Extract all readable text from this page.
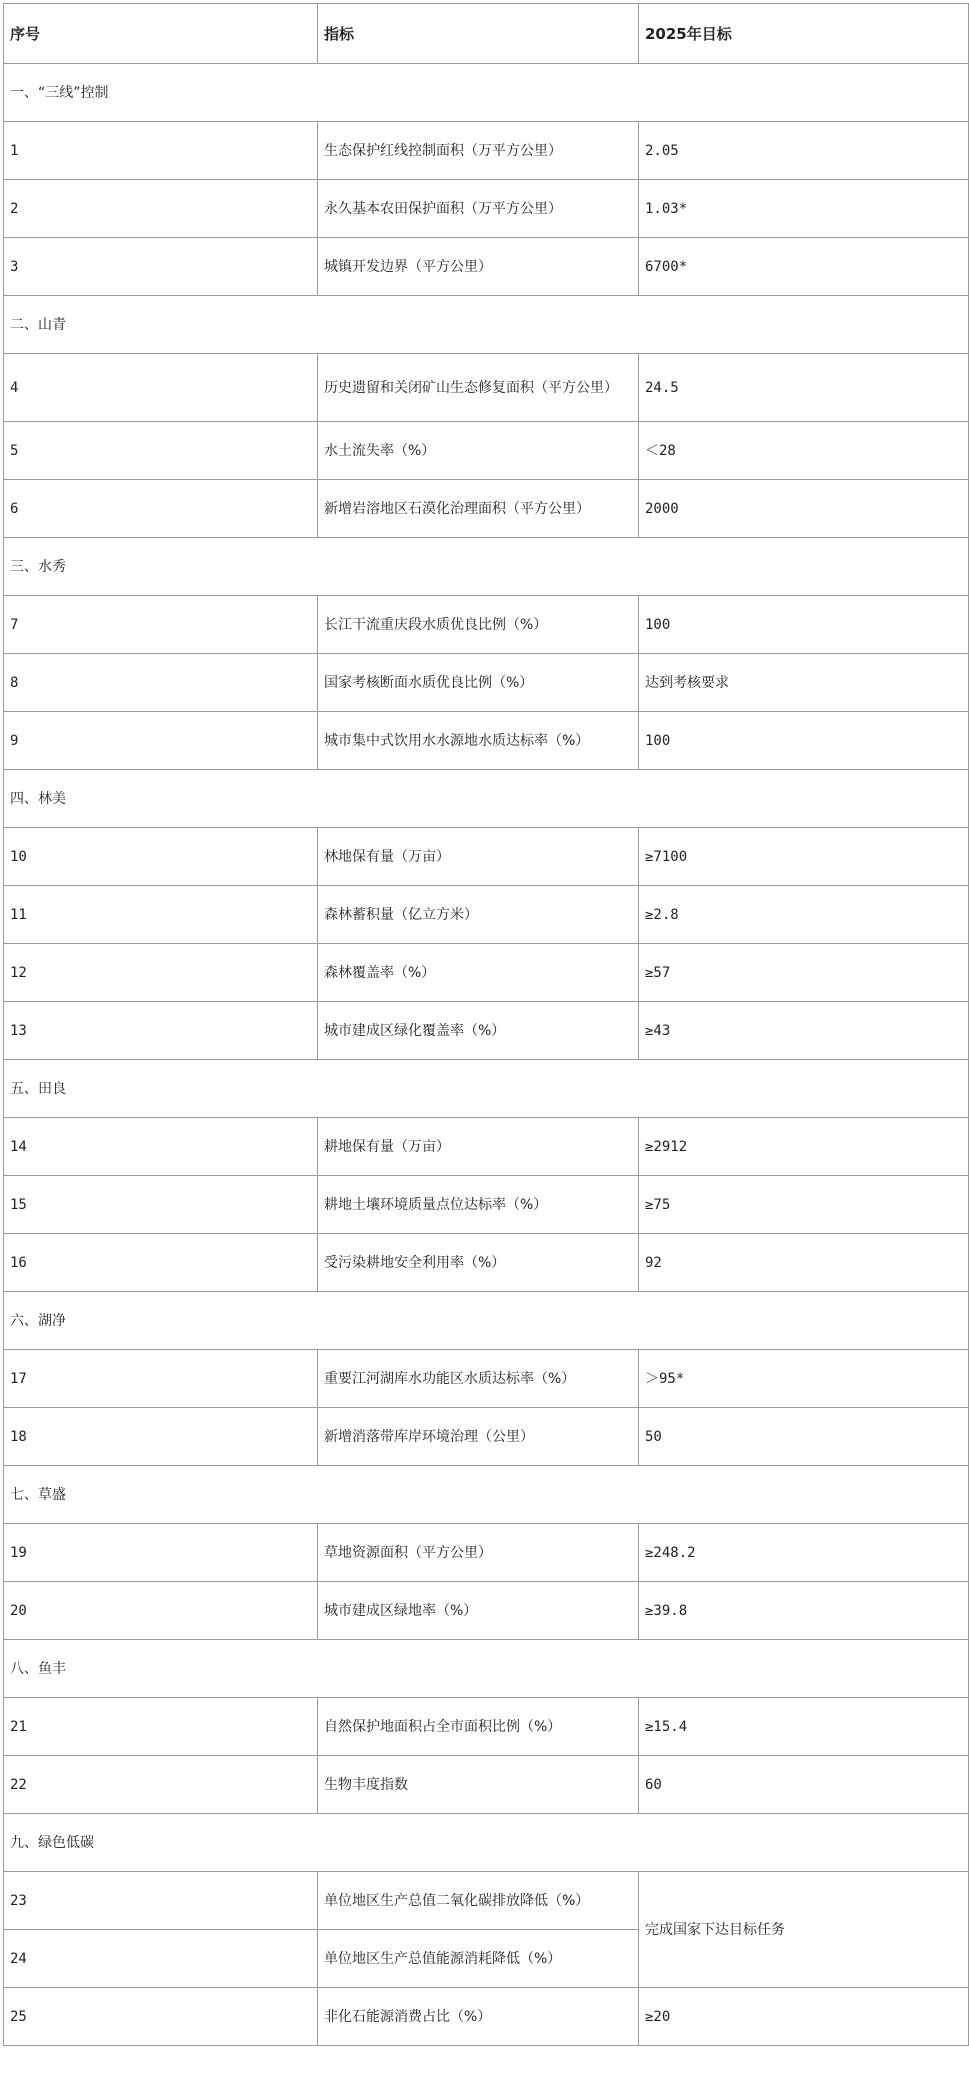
序号	指标	2025年目标
一、“三线”控制		
1	生态保护红线控制面积（万平方公里）	2.05
2	永久基本农田保护面积（万平方公里）	1.03*
3	城镇开发边界（平方公里）	6700*
二、山青		
4	历史遗留和关闭矿山生态修复面积（平方公里）	24.5
5	水土流失率（%）	＜28
6	新增岩溶地区石漠化治理面积（平方公里）	2000
三、水秀		
7	长江干流重庆段水质优良比例（%）	100
8	国家考核断面水质优良比例（%）	达到考核要求
9	城市集中式饮用水水源地水质达标率（%）	100
四、林美		
10	林地保有量（万亩）	≥7100
11	森林蓄积量（亿立方米）	≥2.8
12	森林覆盖率（%）	≥57
13	城市建成区绿化覆盖率（%）	≥43
五、田良		
14	耕地保有量（万亩）	≥2912
15	耕地土壤环境质量点位达标率（%）	≥75
16	受污染耕地安全利用率（%）	92
六、湖净		
17	重要江河湖库水功能区水质达标率（%）	＞95*
18	新增消落带库岸环境治理（公里）	50
七、草盛		
19	草地资源面积（平方公里）	≥248.2
20	城市建成区绿地率（%）	≥39.8
八、鱼丰		
21	自然保护地面积占全市面积比例（%）	≥15.4
22	生物丰度指数	60
九、绿色低碳		
23	单位地区生产总值二氧化碳排放降低（%）	完成国家下达目标任务
24	单位地区生产总值能源消耗降低（%）	
25	非化石能源消费占比（%）	≥20
